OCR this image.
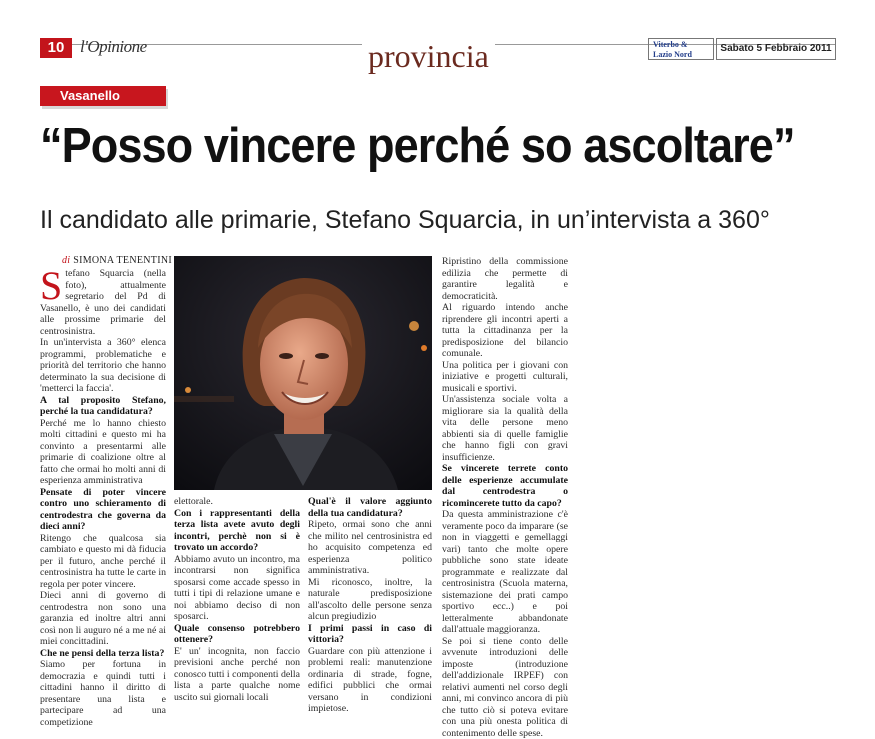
10 l'Opinione	provincia	Viterbo &
Lazio Nord
Sabato 5 Febbraio 2011
Vasanello
“Posso vincere perché so ascoltare”
Il candidato alle primarie, Stefano Squarcia, in un’intervista a 360°
di SIMONA TENENTINI

Stefano Squarcia (nella foto), attualmente segretario del Pd di Vasanello, è uno dei candidati alle prossime primarie del centrosinistra.

In un'intervista a 360° elenca programmi, problematiche e priorità del territorio che hanno determinato la sua decisione di 'metterci la faccia'.

A tal proposito Stefano, perché la tua candidatura?

Perché me lo hanno chiesto molti cittadini e questo mi ha convinto a presentarmi alle primarie di coalizione oltre al fatto che ormai ho molti anni di esperienza amministrativa

Pensate di poter vincere contro uno schieramento di centrodestra che governa da dieci anni?

Ritengo che qualcosa sia cambiato e questo mi dà fiducia per il futuro, anche perché il centrosinistra ha tutte le carte in regola per poter vincere.

Dieci anni di governo di centrodestra non sono una garanzia ed inoltre altri anni così non li auguro né a me né ai miei concittadini.

Che ne pensi della terza lista?

Siamo per fortuna in democrazia e quindi tutti i cittadini hanno il diritto di presentare una lista e partecipare ad una competizione

elettorale.

Con i rappresentanti della terza lista avete avuto degli incontri, perchè non si è trovato un accordo?

Abbiamo avuto un incontro, ma incontrarsi non significa sposarsi come accade spesso in tutti i tipi di relazione umane e noi abbiamo deciso di non sposarci.

Quale consenso potrebbero ottenere?

E' un' incognita, non faccio previsioni anche perché non conosco tutti i componenti della lista a parte qualche nome uscito sui giornali locali

Qual'è il valore aggiunto della tua candidatura?

Ripeto, ormai sono che anni che milito nel centrosinistra ed ho acquisito competenza ed esperienza politico amministrativa.

Mi riconosco, inoltre, la naturale predisposizione all'ascolto delle persone senza alcun pregiudizio

I primi passi in caso di vittoria?

Guardare con più attenzione i problemi reali: manutenzione ordinaria di strade, fogne, edifici pubblici che ormai versano in condizioni impietose.

Ripristino della commissione edilizia che permette di garantire legalità e democraticità.

Al riguardo intendo anche riprendere gli incontri aperti a tutta la cittadinanza per la predisposizione del bilancio comunale.

Una politica per i giovani con iniziative e progetti culturali, musicali e sportivi.

Un'assistenza sociale volta a migliorare sia la qualità della vita delle persone meno abbienti sia di quelle famiglie che hanno figli con gravi insufficienze.

Se vincerete terrete conto delle esperienze accumulate dal centrodestra o ricomincerete tutto da capo?

Da questa amministrazione c'è veramente poco da imparare (se non in viaggetti e gemellaggi vari) tanto che molte opere pubbliche sono state ideate programmate e realizzate dal centrosinistra (Scuola materna, sistemazione dei prati campo sportivo ecc..) e poi letteralmente abbandonate dall'attuale maggioranza.

Se poi si tiene conto delle avvenute introduzioni delle imposte (introduzione dell'addizionale IRPEF) con relativi aumenti nel corso degli anni, mi convinco ancora di più che tutto ciò si poteva evitare con una più onesta politica di contenimento delle spese.
